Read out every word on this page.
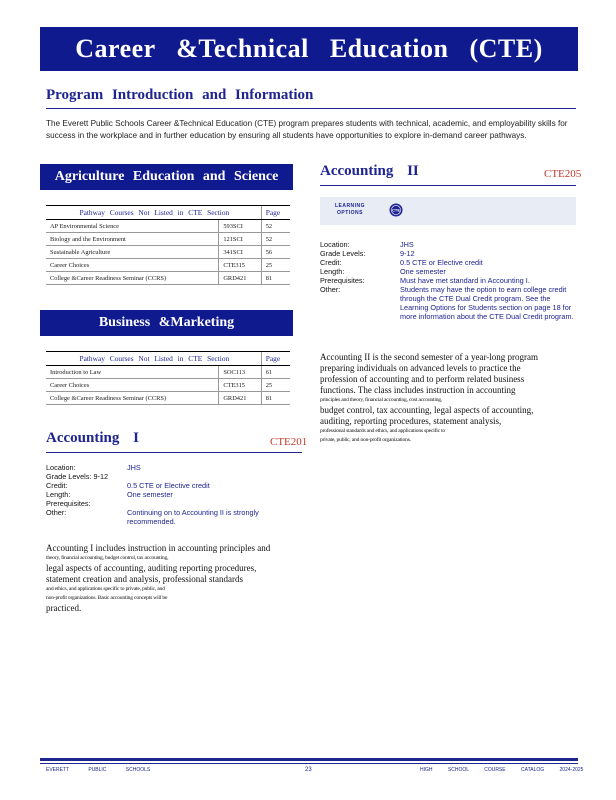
Career &Technical Education (CTE)
Program Introduction and Information
The Everett Public Schools Career &Technical Education (CTE) program prepares students with technical, academic, and employability skills for success in the workplace and in further education by ensuring all students have opportunities to explore in-demand career pathways.
Agriculture Education and Science
Pathway Courses Not Listed in CTE Section		Page
AP Environmental Science	593SCI	52
Biology and the Environment	121SCI	52
Sustainable Agriculture	341SCI	56
Career Choices	CTE315	25
College &Career Readiness Seminar (CCRS)	GRD421	81
Business &Marketing
Pathway Courses Not Listed in CTE Section		Page
Introduction to Law	SOC113	61
Career Choices	CTE315	25
College &Career Readiness Seminar (CCRS)	GRD421	81
Accounting I	CTE201
Location:	JHS
Grade Levels: 9-12
Credit:	0.5 CTE or Elective credit
Length:	One semester
Prerequisites:
Other:	Continuing on to Accounting II is strongly recommended.
Accounting I includes instruction in accounting principles and
theory, financial accounting, budget control, tax accounting,
legal aspects of accounting, auditing reporting procedures,
statement creation and analysis, professional standards
and ethics, and applications specific to private, public, and
non-profit organizations. Basic accounting concepts will be
practiced.
Accounting II	CTE205
LEARNING OPTIONS	CTE
Location:	JHS
Grade Levels:	9-12
Credit:	0.5 CTE or Elective credit
Length:	One semester
Prerequisites:	Must have met standard in Accounting I.
Other:	Students may have the option to earn college credit through the CTE Dual Credit program. See the Learning Options for Students section on page 18 for more information about the CTE Dual Credit program.
Accounting II is the second semester of a year-long program
preparing individuals on advanced levels to practice the
profession of accounting and to perform related business
functions. The class includes instruction in accounting
principles and theory, financial accounting, cost accounting,
budget control, tax accounting, legal aspects of accounting,
auditing, reporting procedures, statement analysis,
professional standards and ethics, and applications specific to
private, public, and non-profit organizations.
EVERETT PUBLIC SCHOOLS	23	HIGH SCHOOL COURSE CATALOG 2024-2025
